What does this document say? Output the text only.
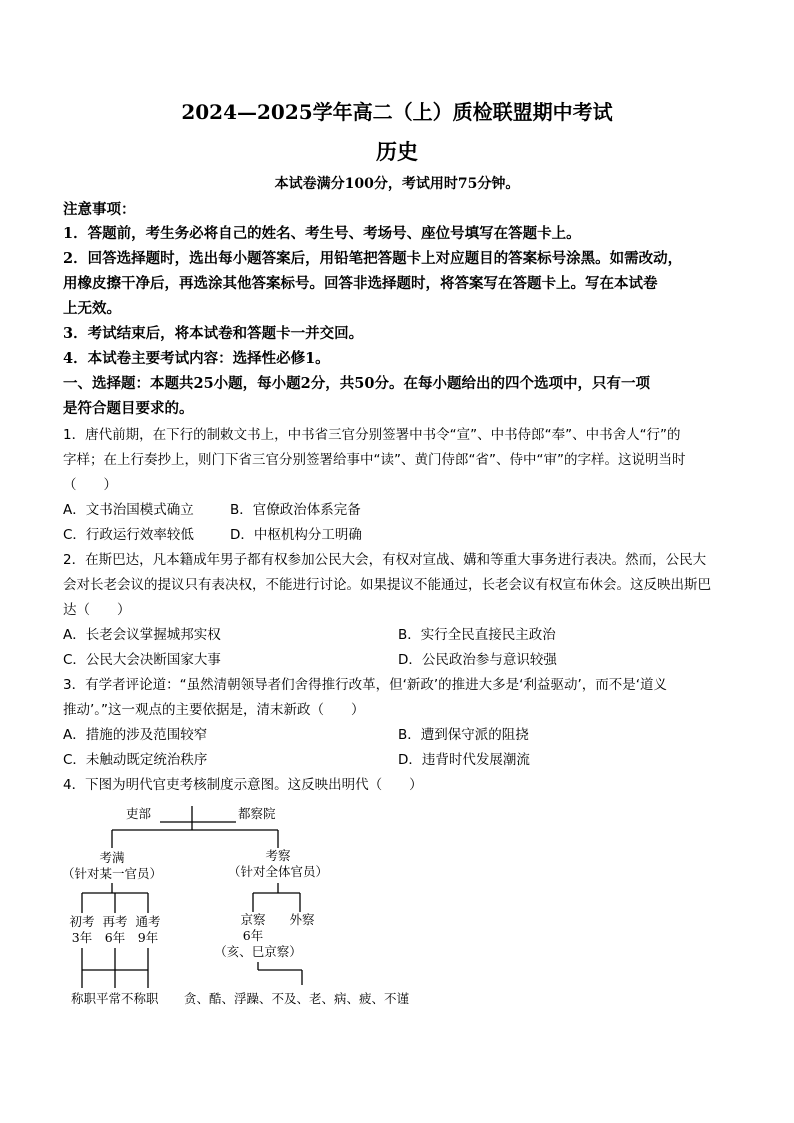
2024—2025学年高二（上）质检联盟期中考试
历史
本试卷满分100分，考试用时75分钟。
注意事项：
1．答题前，考生务必将自己的姓名、考生号、考场号、座位号填写在答题卡上。
2．回答选择题时，选出每小题答案后，用铅笔把答题卡上对应题目的答案标号涂黑。如需改动，
用橡皮擦干净后，再选涂其他答案标号。回答非选择题时，将答案写在答题卡上。写在本试卷
上无效。
3．考试结束后，将本试卷和答题卡一并交回。
4．本试卷主要考试内容：选择性必修1。
一、选择题：本题共25小题，每小题2分，共50分。在每小题给出的四个选项中，只有一项
是符合题目要求的。
1．唐代前期，在下行的制敕文书上，中书省三官分别签署中书令“宣”、中书侍郎“奉”、中书舍人“行”的
字样；在上行奏抄上，则门下省三官分别签署给事中“读”、黄门侍郎“省”、侍中“审”的字样。这说明当时
（　　）
A．文书治国模式确立	B．官僚政治体系完备
C．行政运行效率较低	D．中枢机构分工明确
2．在斯巴达，凡本籍成年男子都有权参加公民大会，有权对宣战、媾和等重大事务进行表决。然而，公民大
会对长老会议的提议只有表决权，不能进行讨论。如果提议不能通过，长老会议有权宣布休会。这反映出斯巴
达（　　）
A．长老会议掌握城邦实权	B．实行全民直接民主政治
C．公民大会决断国家大事	D．公民政治参与意识较强
3．有学者评论道：“虽然清朝领导者们舍得推行改革，但‘新政’的推进大多是‘利益驱动’，而不是‘道义
推动’。”这一观点的主要依据是，清末新政（　　）
A．措施的涉及范围较窄	B．遭到保守派的阻挠
C．未触动既定统治秩序	D．违背时代发展潮流
4．下图为明代官吏考核制度示意图。这反映出明代（　　）
吏部	都察院
考满
（针对某一官员）
考察
（针对全体官员）
初考
3年
再考
6年
通考
9年
京察
6年
（亥、巳京察）
外察
称职平常不称职 贪、酷、浮躁、不及、老、病、疲、不谨
